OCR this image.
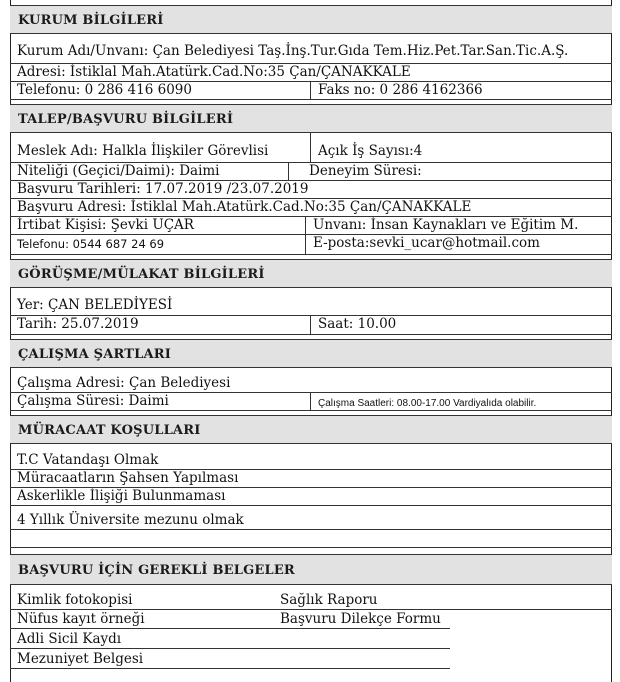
KURUM BİLGİLERİ
Kurum Adı/Unvanı: Çan Belediyesi Taş.İnş.Tur.Gıda Tem.Hiz.Pet.Tar.San.Tic.A.Ş.
Adresi: İstiklal Mah.Atatürk.Cad.No:35 Çan/ÇANAKKALE
Telefonu: 0 286 416 6090	Faks no: 0 286 4162366
TALEP/BAŞVURU BİLGİLERİ
Meslek Adı: Halkla İlişkiler Görevlisi	Açık İş Sayısı:4
Niteliği (Geçici/Daimi): Daimi	Deneyim Süresi:
Başvuru Tarihleri: 17.07.2019 /23.07.2019
Başvuru Adresi: İstiklal Mah.Atatürk.Cad.No:35 Çan/ÇANAKKALE
İrtibat Kişisi: Şevki UÇAR	Unvanı: İnsan Kaynakları ve Eğitim M.
Telefonu: 0544 687 24 69	E-posta:sevki_ucar@hotmail.com
GÖRÜŞME/MÜLAKAT BİLGİLERİ
Yer: ÇAN BELEDİYESİ
Tarih: 25.07.2019	Saat: 10.00
ÇALIŞMA ŞARTLARI
Çalışma Adresi: Çan Belediyesi
Çalışma Süresi: Daimi	Çalışma Saatleri: 08.00-17.00 Vardiyalıda olabilir.
MÜRACAAT KOŞULLARI
T.C Vatandaşı Olmak
Müracaatların Şahsen Yapılması
Askerlikle İlişiği Bulunmaması
4 Yıllık Üniversite mezunu olmak
BAŞVURU İÇİN GEREKLİ BELGELER
Kimlik fotokopisi	Sağlık Raporu
Nüfus kayıt örneği	Başvuru Dilekçe Formu
Adli Sicil Kaydı
Mezuniyet Belgesi
